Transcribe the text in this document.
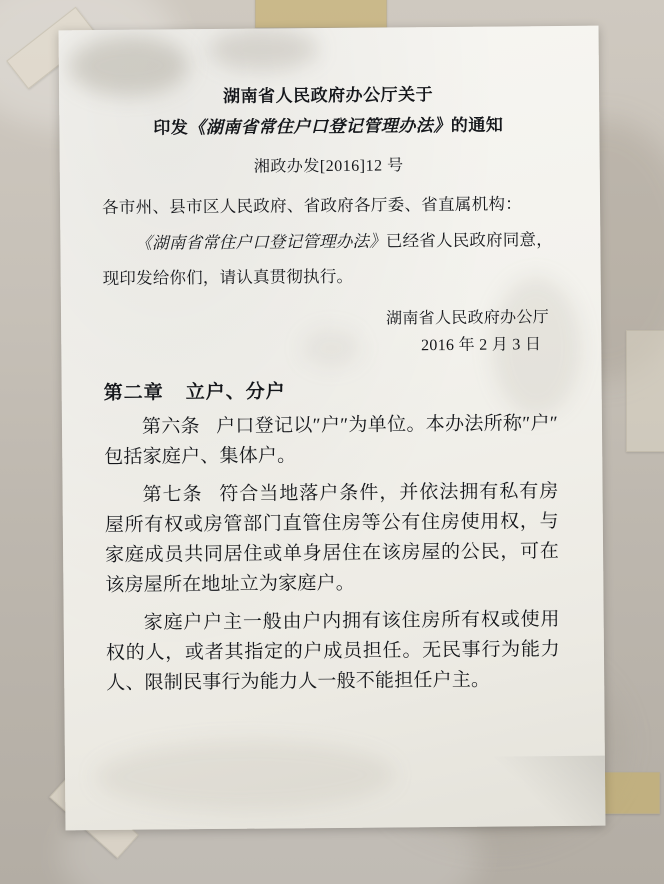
湖南省人民政府办公厅关于
印发《湖南省常住户口登记管理办法》的通知
湘政办发[2016]12 号
各市州、县市区人民政府、省政府各厅委、省直属机构：
《湖南省常住户口登记管理办法》已经省人民政府同意，
现印发给你们，请认真贯彻执行。
湖南省人民政府办公厅
2016 年 2 月 3 日
第二章 立户、分户
第六条 户口登记以″户″为单位。本办法所称″户″包括家庭户、集体户。
第七条 符合当地落户条件，并依法拥有私有房屋所有权或房管部门直管住房等公有住房使用权，与家庭成员共同居住或单身居住在该房屋的公民，可在该房屋所在地址立为家庭户。
家庭户户主一般由户内拥有该住房所有权或使用权的人，或者其指定的户成员担任。无民事行为能力人、限制民事行为能力人一般不能担任户主。
